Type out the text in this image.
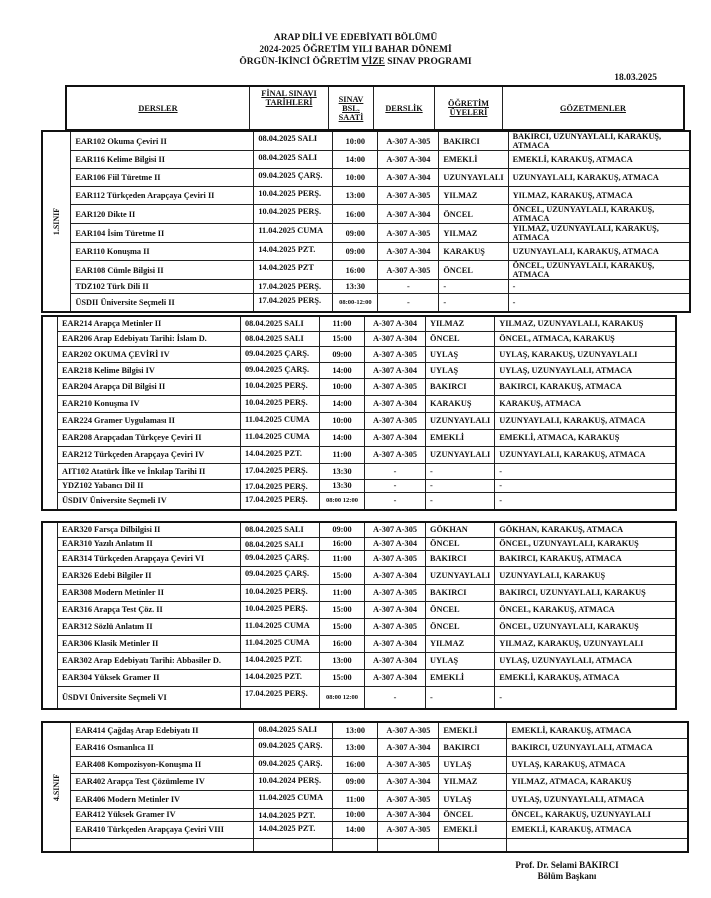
ARAP DİLİ VE EDEBİYATI BÖLÜMÜ
2024-2025 ÖĞRETİM YILI BAHAR DÖNEMİ
ÖRGÜN-İKİNCİ ÖĞRETİM VİZE SINAV PROGRAMI
18.03.2025
DERSLER	FİNAL SINAVI TARİHLERİ	SINAV BSL. SAATİ	DERSLİK	ÖĞRETİM ÜYELERİ	GÖZETMENLER
1.SINIF	EAR102 Okuma Çeviri II	08.04.2025 SALI	10:00	A-307 A-305	BAKIRCI	BAKIRCI, UZUNYAYLALI, KARAKUŞ, ATMACA
	EAR116 Kelime Bilgisi II	08.04.2025 SALI	14:00	A-307 A-304	EMEKLİ	EMEKLİ, KARAKUŞ, ATMACA
	EAR106 Fiil Türetme II	09.04.2025 ÇARŞ.	10:00	A-307 A-304	UZUNYAYLALI	UZUNYAYLALI, KARAKUŞ, ATMACA
	EAR112 Türkçeden Arapçaya Çeviri II	10.04.2025 PERŞ.	13:00	A-307 A-305	YILMAZ	YILMAZ, KARAKUŞ, ATMACA
	EAR120 Dikte II	10.04.2025 PERŞ.	16:00	A-307 A-304	ÖNCEL	ÖNCEL, UZUNYAYLALI, KARAKUŞ, ATMACA
	EAR104 İsim Türetme II	11.04.2025 CUMA	09:00	A-307 A-305	YILMAZ	YILMAZ, UZUNYAYLALI, KARAKUŞ, ATMACA
	EAR110 Konuşma II	14.04.2025 PZT.	09:00	A-307 A-304	KARAKUŞ	UZUNYAYLALI, KARAKUŞ, ATMACA
	EAR108 Cümle Bilgisi II	14.04.2025 PZT	16:00	A-307 A-305	ÖNCEL	ÖNCEL, UZUNYAYLALI, KARAKUŞ, ATMACA
	TDZ102 Türk Dili II	17.04.2025 PERŞ.	13:30	-	-	-
	ÜSDII Üniversite Seçmeli II	17.04.2025 PERŞ.	08:00-12:00	-	-	-
	EAR214 Arapça Metinler II	08.04.2025 SALI	11:00	A-307 A-304	YILMAZ	YILMAZ, UZUNYAYLALI, KARAKUŞ
	EAR206 Arap Edebiyatı Tarihi: İslam D.	08.04.2025 SALI	15:00	A-307 A-304	ÖNCEL	ÖNCEL, ATMACA, KARAKUŞ
	EAR202 OKUMA ÇEVİRİ IV	09.04.2025 ÇARŞ.	09:00	A-307 A-305	UYLAŞ	UYLAŞ, KARAKUŞ, UZUNYAYLALI
	EAR218 Kelime Bilgisi IV	09.04.2025 ÇARŞ.	14:00	A-307 A-304	UYLAŞ	UYLAŞ, UZUNYAYLALI, ATMACA
	EAR204 Arapça Dil Bilgisi II	10.04.2025 PERŞ.	10:00	A-307 A-305	BAKIRCI	BAKIRCI, KARAKUŞ, ATMACA
	EAR210 Konuşma IV	10.04.2025 PERŞ.	14:00	A-307 A-304	KARAKUŞ	KARAKUŞ, ATMACA
	EAR224 Gramer Uygulaması II	11.04.2025 CUMA	10:00	A-307 A-305	UZUNYAYLALI	UZUNYAYLALI, KARAKUŞ, ATMACA
	EAR208 Arapçadan Türkçeye Çeviri II	11.04.2025 CUMA	14:00	A-307 A-304	EMEKLİ	EMEKLİ, ATMACA, KARAKUŞ
	EAR212 Türkçeden Arapçaya Çeviri IV	14.04.2025 PZT.	11:00	A-307 A-305	UZUNYAYLALI	UZUNYAYLALI, KARAKUŞ, ATMACA
	AIT102 Atatürk İlke ve İnkılap Tarihi II	17.04.2025 PERŞ.	13:30	-	-	-
	YDZ102 Yabancı Dil II	17.04.2025 PERŞ.	13:30	-	-	-
	ÜSDIV Üniversite Seçmeli IV	17.04.2025 PERŞ.	08:00 12:00	-	-	-
	EAR320 Farsça Dilbilgisi II	08.04.2025 SALI	09:00	A-307 A-305	GÖKHAN	GÖKHAN, KARAKUŞ, ATMACA
	EAR310 Yazılı Anlatım II	08.04.2025 SALI	16:00	A-307 A-304	ÖNCEL	ÖNCEL, UZUNYAYLALI, KARAKUŞ
	EAR314 Türkçeden Arapçaya Çeviri VI	09.04.2025 ÇARŞ.	11:00	A-307 A-305	BAKIRCI	BAKIRCI, KARAKUŞ, ATMACA
	EAR326 Edebi Bilgiler II	09.04.2025 ÇARŞ.	15:00	A-307 A-304	UZUNYAYLALI	UZUNYAYLALI, KARAKUŞ
	EAR308 Modern Metinler II	10.04.2025 PERŞ.	11:00	A-307 A-305	BAKIRCI	BAKIRCI, UZUNYAYLALI, KARAKUŞ
	EAR316 Arapça Test Çöz. II	10.04.2025 PERŞ.	15:00	A-307 A-304	ÖNCEL	ÖNCEL, KARAKUŞ, ATMACA
	EAR312 Sözlü Anlatım II	11.04.2025 CUMA	15:00	A-307 A-305	ÖNCEL	ÖNCEL, UZUNYAYLALI, KARAKUŞ
	EAR306 Klasik Metinler II	11.04.2025 CUMA	16:00	A-307 A-304	YILMAZ	YILMAZ, KARAKUŞ, UZUNYAYLALI
	EAR302 Arap Edebiyatı Tarihi: Abbasiler D.	14.04.2025 PZT.	13:00	A-307 A-304	UYLAŞ	UYLAŞ, UZUNYAYLALI, ATMACA
	EAR304 Yüksek Gramer II	14.04.2025 PZT.	15:00	A-307 A-304	EMEKLİ	EMEKLİ, KARAKUŞ, ATMACA
	ÜSDVI Üniversite Seçmeli VI	17.04.2025 PERŞ.	08:00 12:00	-	-	-
4.SINIF	EAR414 Çağdaş Arap Edebiyatı II	08.04.2025 SALI	13:00	A-307 A-305	EMEKLİ	EMEKLİ, KARAKUŞ, ATMACA
	EAR416 Osmanlıca II	09.04.2025 ÇARŞ.	13:00	A-307 A-304	BAKIRCI	BAKIRCI, UZUNYAYLALI, ATMACA
	EAR408 Kompozisyon-Konuşma II	09.04.2025 ÇARŞ.	16:00	A-307 A-305	UYLAŞ	UYLAŞ, KARAKUŞ, ATMACA
	EAR402 Arapça Test Çözümleme IV	10.04.2024 PERŞ.	09:00	A-307 A-304	YILMAZ	YILMAZ, ATMACA, KARAKUŞ
	EAR406 Modern Metinler IV	11.04.2025 CUMA	11:00	A-307 A-305	UYLAŞ	UYLAŞ, UZUNYAYLALI, ATMACA
	EAR412 Yüksek Gramer IV	14.04.2025 PZT.	10:00	A-307 A-304	ÖNCEL	ÖNCEL, KARAKUŞ, UZUNYAYLALI
	EAR410 Türkçeden Arapçaya Çeviri VIII	14.04.2025 PZT.	14:00	A-307 A-305	EMEKLİ	EMEKLİ, KARAKUŞ, ATMACA

Prof. Dr. Selami BAKIRCI
Bölüm Başkanı
